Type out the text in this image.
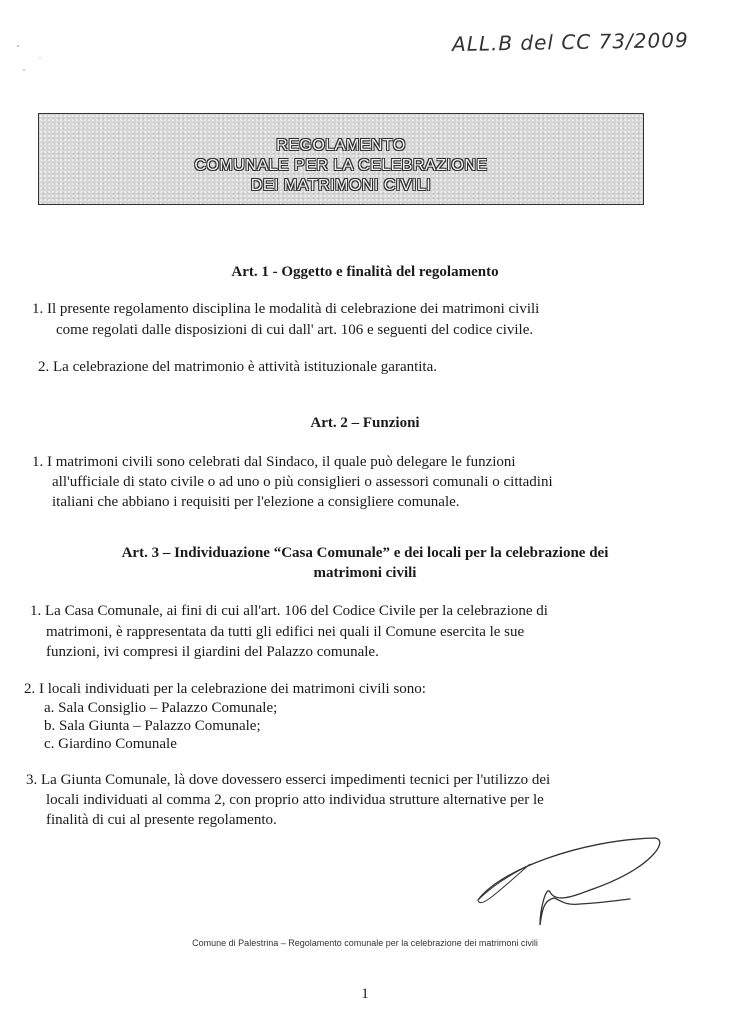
ALL.B del CC 73/2009
REGOLAMENTO
COMUNALE PER LA CELEBRAZIONE
DEI MATRIMONI CIVILI
Art. 1 - Oggetto e finalità del regolamento
1. Il presente regolamento disciplina le modalità di celebrazione dei matrimoni civili
come regolati dalle disposizioni di cui dall' art. 106 e seguenti del codice civile.
2. La celebrazione del matrimonio è attività istituzionale garantita.
Art. 2 – Funzioni
1. I matrimoni civili sono celebrati dal Sindaco, il quale può delegare le funzioni
all'ufficiale di stato civile o ad uno o più consiglieri o assessori comunali o cittadini
italiani che abbiano i requisiti per l'elezione a consigliere comunale.
Art. 3 – Individuazione “Casa Comunale” e dei locali per la celebrazione dei
matrimoni civili
1. La Casa Comunale, ai fini di cui all'art. 106 del Codice Civile per la celebrazione di
matrimoni, è rappresentata da tutti gli edifici nei quali il Comune esercita le sue
funzioni, ivi compresi il giardini del Palazzo comunale.
2. I locali individuati per la celebrazione dei matrimoni civili sono:
a. Sala Consiglio – Palazzo Comunale;
b. Sala Giunta – Palazzo Comunale;
c. Giardino Comunale
3. La Giunta Comunale, là dove dovessero esserci impedimenti tecnici per l'utilizzo dei
locali individuati al comma 2, con proprio atto individua strutture alternative per le
finalità di cui al presente regolamento.
Comune di Palestrina – Regolamento comunale per la celebrazione dei matrimoni civili
1
